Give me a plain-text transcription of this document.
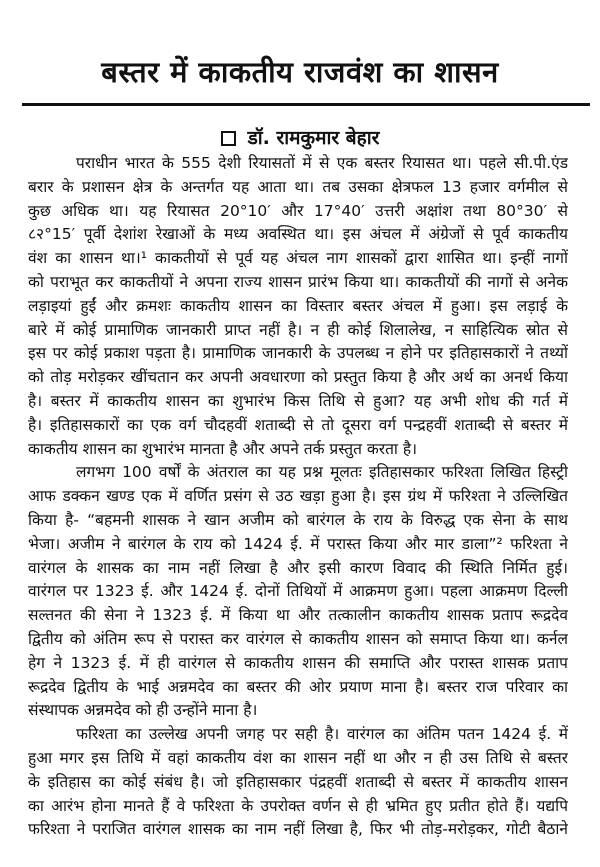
बस्तर में काकतीय राजवंश का शासन
डॉ. रामकुमार बेहार
पराधीन भारत के 555 देशी रियासतों में से एक बस्तर रियासत था। पहले सी.पी.एंड
बरार के प्रशासन क्षेत्र के अन्तर्गत यह आता था। तब उसका क्षेत्रफल 13 हजार वर्गमील से
कुछ अधिक था। यह रियासत 20°10′ और 17°40′ उत्तरी अक्षांश तथा 80°30′ से
८२°15′ पूर्वी देशांश रेखाओं के मध्य अवस्थित था। इस अंचल में अंग्रेजों से पूर्व काकतीय
वंश का शासन था।¹ काकतीयों से पूर्व यह अंचल नाग शासकों द्वारा शासित था। इन्हीं नागों
को पराभूत कर काकतीयों ने अपना राज्य शासन प्रारंभ किया था। काकतीयों की नागों से अनेक
लड़ाइयां हुईं और क्रमशः काकतीय शासन का विस्तार बस्तर अंचल में हुआ। इस लड़ाई के
बारे में कोई प्रामाणिक जानकारी प्राप्त नहीं है। न ही कोई शिलालेख, न साहित्यिक स्रोत से
इस पर कोई प्रकाश पड़ता है। प्रामाणिक जानकारी के उपलब्ध न होने पर इतिहासकारों ने तथ्यों
को तोड़ मरोड़कर खींचतान कर अपनी अवधारणा को प्रस्तुत किया है और अर्थ का अनर्थ किया
है। बस्तर में काकतीय शासन का शुभारंभ किस तिथि से हुआ? यह अभी शोध की गर्त में
है। इतिहासकारों का एक वर्ग चौदहवीं शताब्दी से तो दूसरा वर्ग पन्द्रहवीं शताब्दी से बस्तर में
काकतीय शासन का शुभारंभ मानता है और अपने तर्क प्रस्तुत करता है।
लगभग 100 वर्षों के अंतराल का यह प्रश्न मूलतः इतिहासकार फरिश्ता लिखित हिस्ट्री
आफ डक्कन खण्ड एक में वर्णित प्रसंग से उठ खड़ा हुआ है। इस ग्रंथ में फरिश्ता ने उल्लिखित
किया है- “बहमनी शासक ने खान अजीम को बारंगल के राय के विरुद्ध एक सेना के साथ
भेजा। अजीम ने बारंगल के राय को 1424 ई. में परास्त किया और मार डाला”² फरिश्ता ने
वारंगल के शासक का नाम नहीं लिखा है और इसी कारण विवाद की स्थिति निर्मित हुई।
वारंगल पर 1323 ई. और 1424 ई. दोनों तिथियों में आक्रमण हुआ। पहला आक्रमण दिल्ली
सल्तनत की सेना ने 1323 ई. में किया था और तत्कालीन काकतीय शासक प्रताप रूद्रदेव
द्वितीय को अंतिम रूप से परास्त कर वारंगल से काकतीय शासन को समाप्त किया था। कर्नल
हेग ने 1323 ई. में ही वारंगल से काकतीय शासन की समाप्ति और परास्त शासक प्रताप
रूद्रदेव द्वितीय के भाई अन्नमदेव का बस्तर की ओर प्रयाण माना है। बस्तर राज परिवार का
संस्थापक अन्नमदेव को ही उन्होंने माना है।
फरिश्ता का उल्लेख अपनी जगह पर सही है। वारंगल का अंतिम पतन 1424 ई. में
हुआ मगर इस तिथि में वहां काकतीय वंश का शासन नहीं था और न ही उस तिथि से बस्तर
के इतिहास का कोई संबंध है। जो इतिहासकार पंद्रहवीं शताब्दी से बस्तर में काकतीय शासन
का आरंभ होना मानते हैं वे फरिश्ता के उपरोक्त वर्णन से ही भ्रमित हुए प्रतीत होते हैं। यद्यपि
फरिश्ता ने पराजित वारंगल शासक का नाम नहीं लिखा है, फिर भी तोड़-मरोड़कर, गोटी बैठाने
